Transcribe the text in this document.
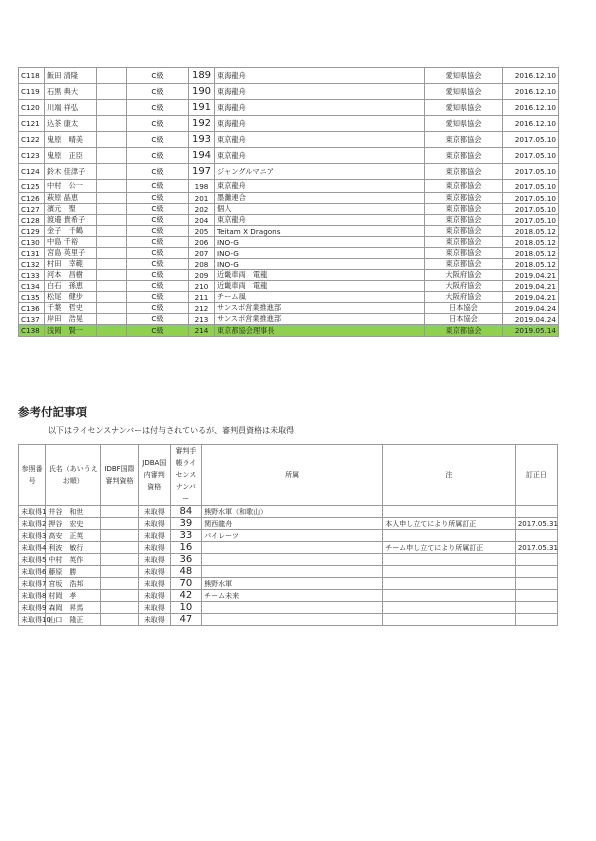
C118	飯田 清隆		C級	189	東海龍舟	愛知県協会	2016.12.10
C119	石黒 典大		C級	190	東海龍舟	愛知県協会	2016.12.10
C120	川端 祥弘		C級	191	東海龍舟	愛知県協会	2016.12.10
C121	込茶 康太		C級	192	東海龍舟	愛知県協会	2016.12.10
C122	鬼原　晴美		C級	193	東京龍舟	東京都協会	2017.05.10
C123	鬼原　正臣		C級	194	東京龍舟	東京都協会	2017.05.10
C124	鈴木 佳津子		C級	197	ジャングルマニア	東京都協会	2017.05.10
C125	中村　公一		C級	198	東京龍舟	東京都協会	2017.05.10
C126	萩原 晶恵		C級	201	墨灘連合	東京都協会	2017.05.10
C127	濱元　聖		C級	202	個人	東京都協会	2017.05.10
C128	渡邉 貴希子		C級	204	東京龍舟	東京都協会	2017.05.10
C129	金子　千鶴		C級	205	Teitam X Dragons	東京都協会	2018.05.12
C130	中島 千裕		C級	206	INO-G	東京都協会	2018.05.12
C131	宮島 英里子		C級	207	INO-G	東京都協会	2018.05.12
C132	村田　幸範		C級	208	INO-G	東京都協会	2018.05.12
C133	河本　昌樹		C級	209	近畿車両　電龍	大阪府協会	2019.04.21
C134	白石　孫恵		C級	210	近畿車両　電龍	大阪府協会	2019.04.21
C135	松尾　健步		C級	211	チーム風	大阪府協会	2019.04.21
C136	千葉　哲史		C級	212	サンスポ営業推進部	日本協会	2019.04.24
C137	岸田　浩晃		C級	213	サンスポ営業推進部	日本協会	2019.04.24
C138	浅岡　賢一		C級	214	東京都協会理事長	東京都協会	2019.05.14
参考付記事項
以下はライセンスナンバーは付与されているが、審判員資格は未取得
参照番号	氏名（あいうえお順）	IDBF国際審判資格	JDBA国内審判資格	審判手帳ライセンスナンバー	所属	注	訂正日
未取得1	井谷　和世		未取得	84	熊野水軍（和歌山）		
未取得2	押谷　宏史		未取得	39	関西龍舟	本人申し立てにより所属訂正	2017.05.31
未取得3	高安　正英		未取得	33	パイレーツ		
未取得4	利波　敏行		未取得	16		チーム申し立てにより所属訂正	2017.05.31
未取得5	中村　英作		未取得	36			
未取得6	藤原　勝		未取得	48			
未取得7	宮坂　浩邦		未取得	70	熊野水軍		
未取得8	村岡　孝		未取得	42	チーム未来		
未取得9	森岡　昇馬		未取得	10			
未取得10	山口　隆正		未取得	47			
